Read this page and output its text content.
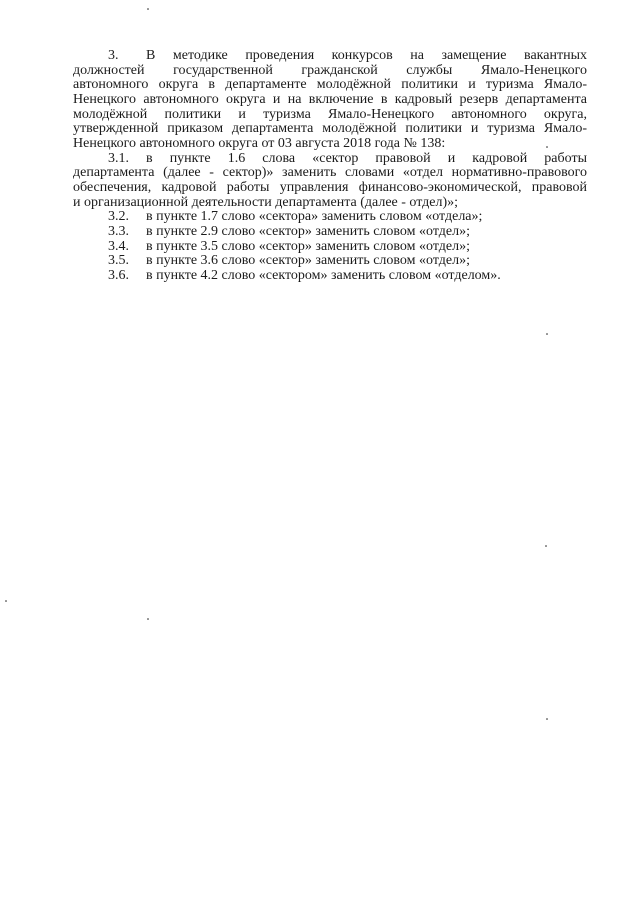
3.	В методике проведения конкурсов на замещение вакантных
должностей государственной гражданской службы Ямало-Ненецкого
автономного округа в департаменте молодёжной политики и туризма Ямало-
Ненецкого автономного округа и на включение в кадровый резерв департамента
молодёжной политики и туризма Ямало-Ненецкого автономного округа,
утвержденной приказом департамента молодёжной политики и туризма Ямало-
Ненецкого автономного округа от 03 августа 2018 года № 138:
3.1.	в пункте 1.6 слова «сектор правовой и кадровой работы
департамента (далее - сектор)» заменить словами «отдел нормативно-правового
обеспечения, кадровой работы управления финансово-экономической, правовой
и организационной деятельности департамента (далее - отдел)»;
3.2.	в пункте 1.7 слово «сектора» заменить словом «отдела»;
3.3.	в пункте 2.9 слово «сектор» заменить словом «отдел»;
3.4.	в пункте 3.5 слово «сектор» заменить словом «отдел»;
3.5.	в пункте 3.6 слово «сектор» заменить словом «отдел»;
3.6.	в пункте 4.2 слово «сектором» заменить словом «отделом».
